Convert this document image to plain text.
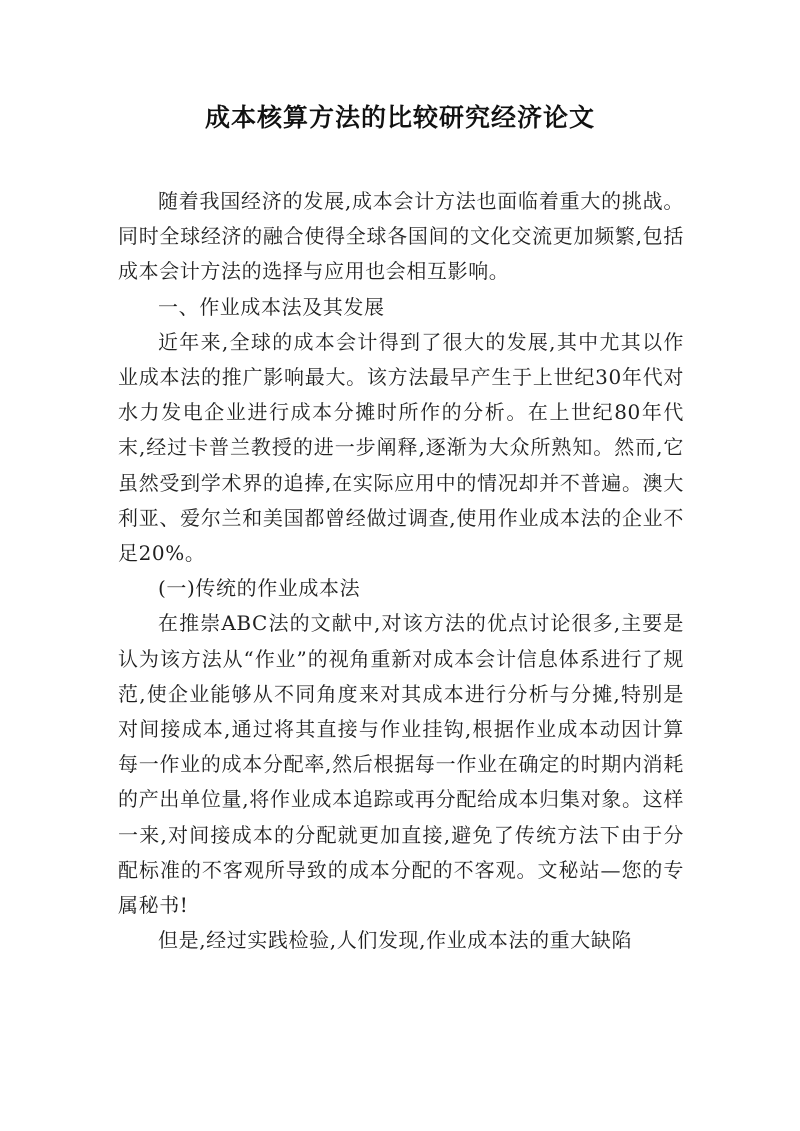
成本核算方法的比较研究经济论文

随着我国经济的发展,成本会计方法也面临着重大的挑战。同时全球经济的融合使得全球各国间的文化交流更加频繁,包括成本会计方法的选择与应用也会相互影响。

一、作业成本法及其发展

近年来,全球的成本会计得到了很大的发展,其中尤其以作业成本法的推广影响最大。该方法最早产生于上世纪30年代对水力发电企业进行成本分摊时所作的分析。在上世纪80年代末,经过卡普兰教授的进一步阐释,逐渐为大众所熟知。然而,它虽然受到学术界的追捧,在实际应用中的情况却并不普遍。澳大利亚、爱尔兰和美国都曾经做过调查,使用作业成本法的企业不足20%。

(一)传统的作业成本法

在推崇ABC法的文献中,对该方法的优点讨论很多,主要是认为该方法从“作业”的视角重新对成本会计信息体系进行了规范,使企业能够从不同角度来对其成本进行分析与分摊,特别是对间接成本,通过将其直接与作业挂钩,根据作业成本动因计算每一作业的成本分配率,然后根据每一作业在确定的时期内消耗的产出单位量,将作业成本追踪或再分配给成本归集对象。这样一来,对间接成本的分配就更加直接,避免了传统方法下由于分配标准的不客观所导致的成本分配的不客观。文秘站—您的专属秘书!

但是,经过实践检验,人们发现,作业成本法的重大缺陷
